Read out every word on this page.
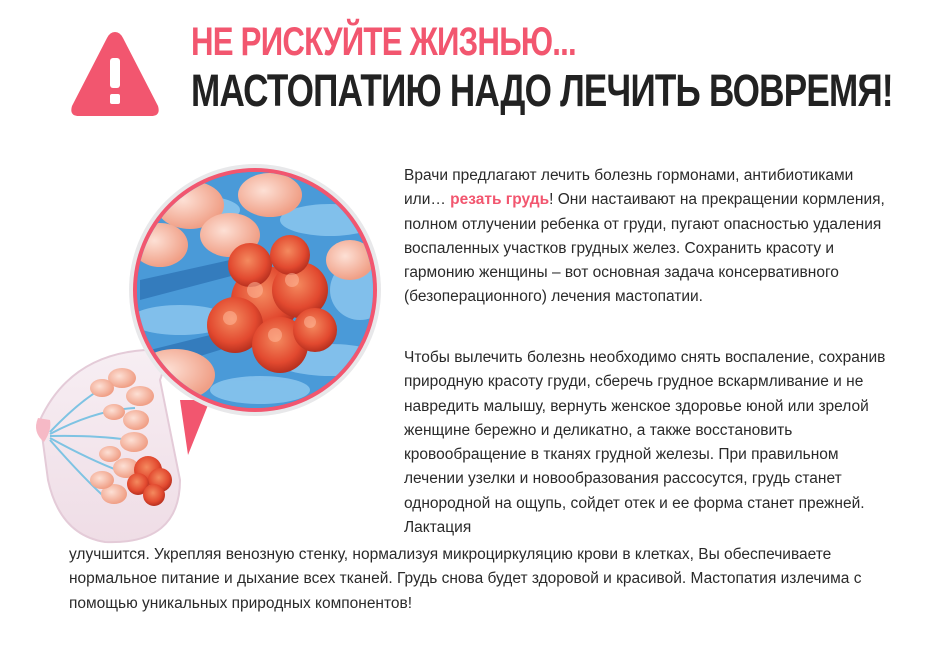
НЕ РИСКУЙТЕ ЖИЗНЬЮ...
МАСТОПАТИЮ НАДО ЛЕЧИТЬ ВОВРЕМЯ!
Врачи предлагают лечить болезнь гормонами, антибиотиками или… резать грудь! Они настаивают на прекращении кормления, полном отлучении ребенка от груди, пугают опасностью удаления воспаленных участков грудных желез. Сохранить красоту и гармонию женщины – вот основная задача консервативного (безоперационного) лечения мастопатии.
Чтобы вылечить болезнь необходимо снять воспаление, сохранив природную красоту груди, сберечь грудное вскармливание и не навредить малышу, вернуть женское здоровье юной или зрелой женщине бережно и деликатно, а также восстановить кровообращение в тканях грудной железы. При правильном лечении узелки и новообразования рассосутся, грудь станет однородной на ощупь, сойдет отек и ее форма станет прежней. Лактация
улучшится. Укрепляя венозную стенку, нормализуя микроциркуляцию крови в клетках, Вы обеспечиваете нормальное питание и дыхание всех тканей. Грудь снова будет здоровой и красивой. Мастопатия излечима с помощью уникальных природных компонентов!
